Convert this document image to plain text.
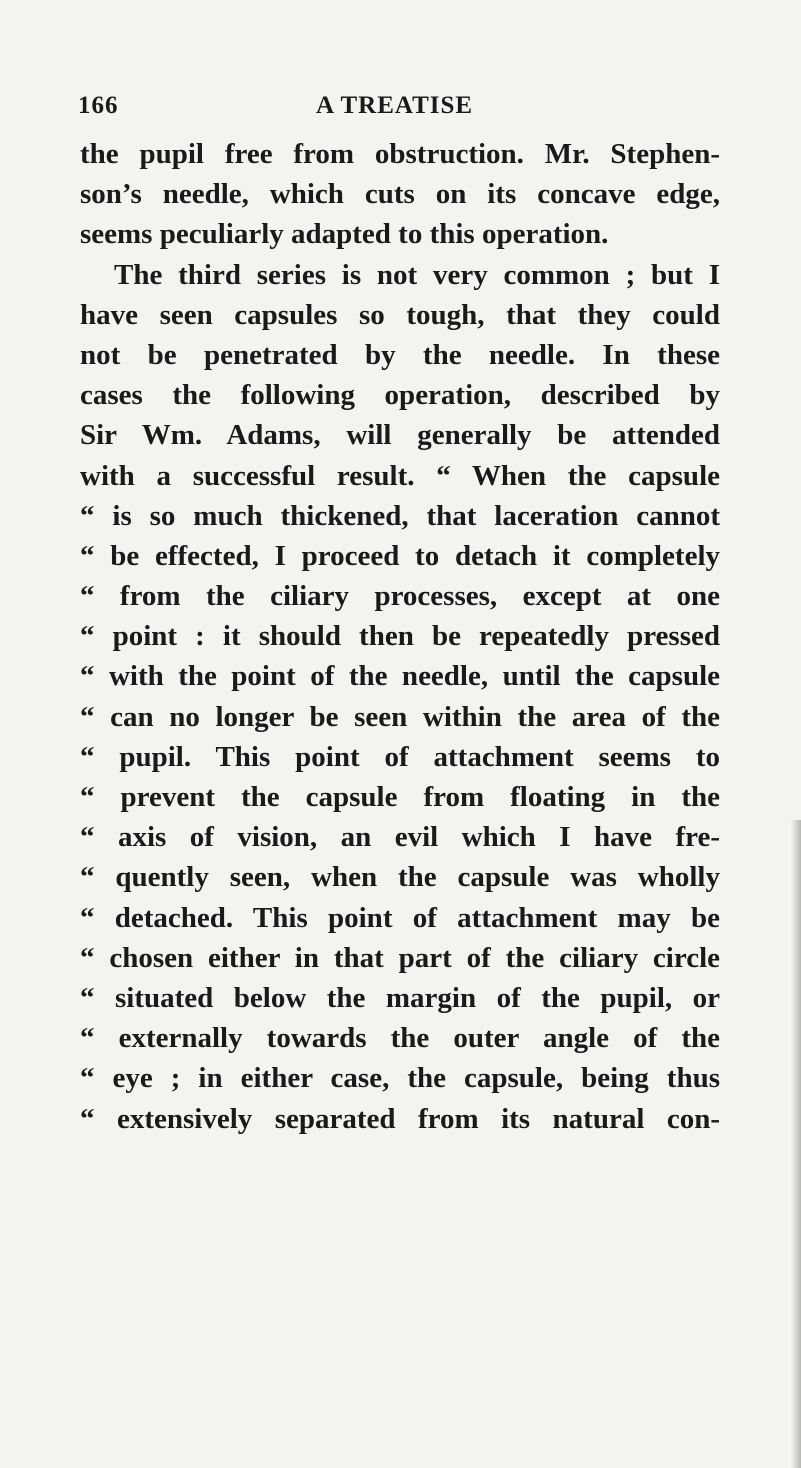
166	A TREATISE
the pupil free from obstruction. Mr. Stephen-
son’s needle, which cuts on its concave edge,
seems peculiarly adapted to this operation.
The third series is not very common ; but I
have seen capsules so tough, that they could
not be penetrated by the needle. In these
cases the following operation, described by
Sir Wm. Adams, will generally be attended
with a successful result. “ When the capsule
“ is so much thickened, that laceration cannot
“ be effected, I proceed to detach it completely
“ from the ciliary processes, except at one
“ point : it should then be repeatedly pressed
“ with the point of the needle, until the capsule
“ can no longer be seen within the area of the
“ pupil. This point of attachment seems to
“ prevent the capsule from floating in the
“ axis of vision, an evil which I have fre-
“ quently seen, when the capsule was wholly
“ detached. This point of attachment may be
“ chosen either in that part of the ciliary circle
“ situated below the margin of the pupil, or
“ externally towards the outer angle of the
“ eye ; in either case, the capsule, being thus
“ extensively separated from its natural con-
